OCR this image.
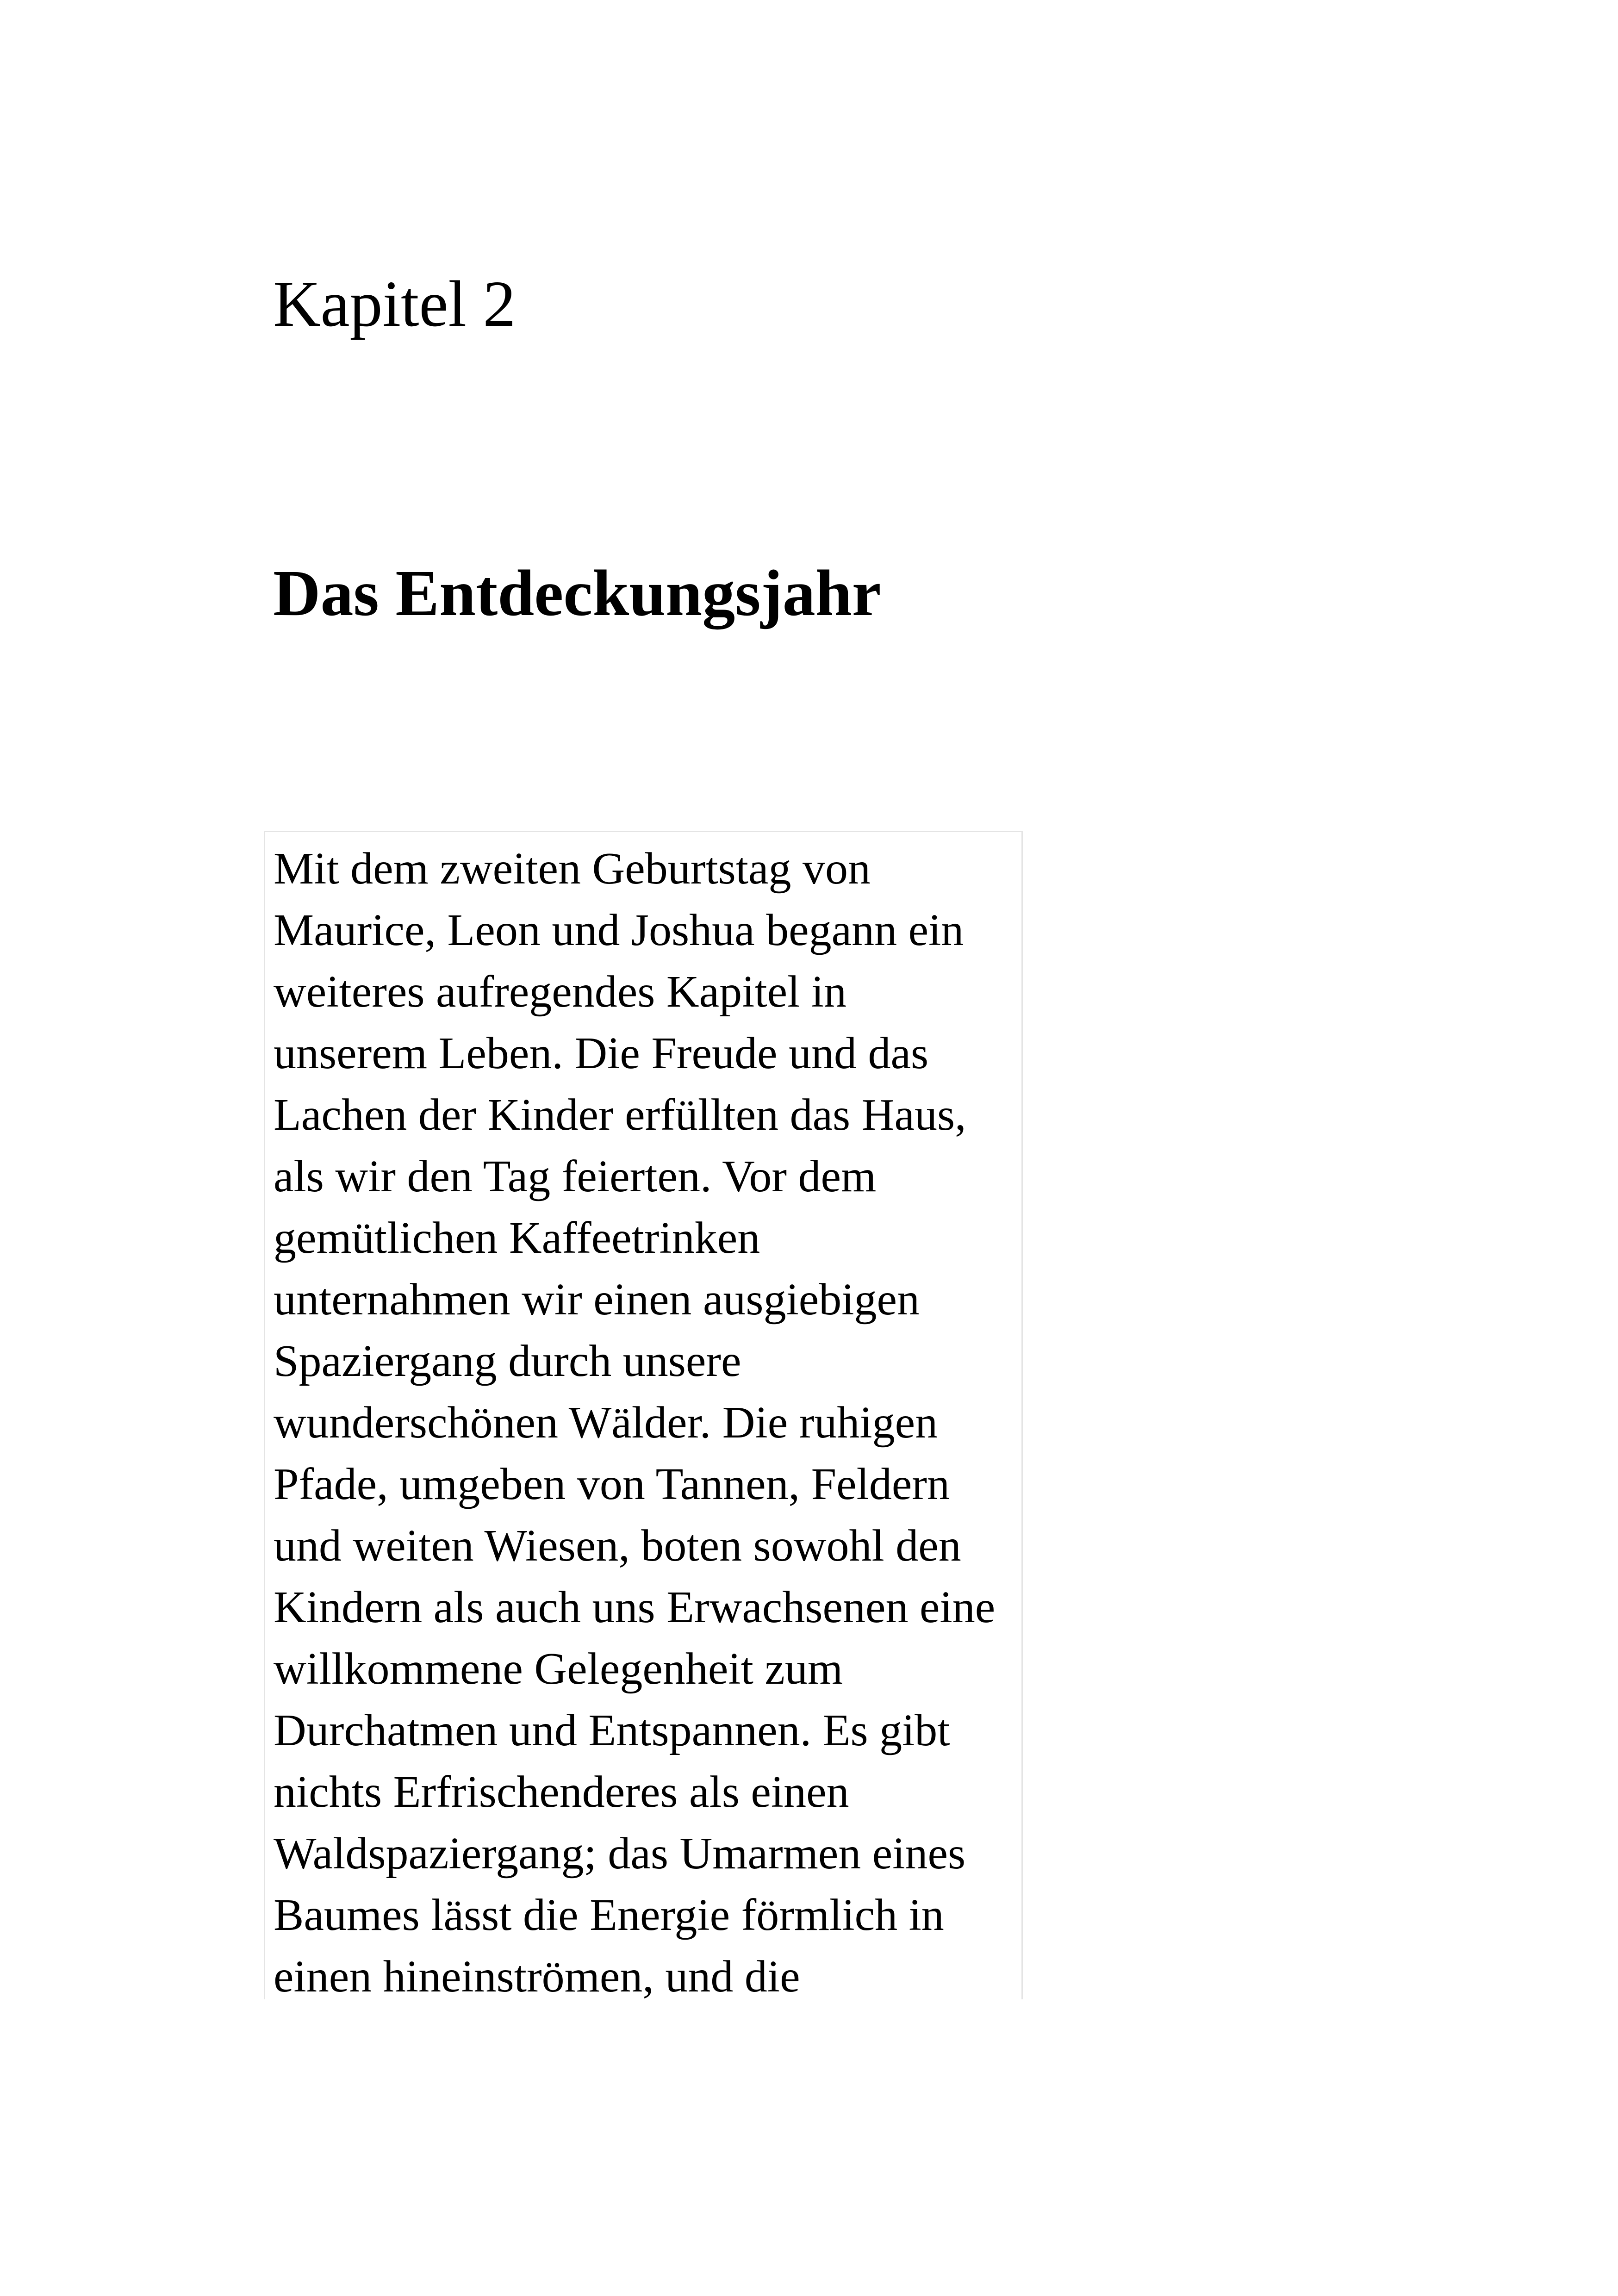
Kapitel 2
Das Entdeckungsjahr
Mit dem zweiten Geburtstag von
Maurice, Leon und Joshua begann ein
weiteres aufregendes Kapitel in
unserem Leben. Die Freude und das
Lachen der Kinder erfüllten das Haus,
als wir den Tag feierten. Vor dem
gemütlichen Kaffeetrinken
unternahmen wir einen ausgiebigen
Spaziergang durch unsere
wunderschönen Wälder. Die ruhigen
Pfade, umgeben von Tannen, Feldern
und weiten Wiesen, boten sowohl den
Kindern als auch uns Erwachsenen eine
willkommene Gelegenheit zum
Durchatmen und Entspannen. Es gibt
nichts Erfrischenderes als einen
Waldspaziergang; das Umarmen eines
Baumes lässt die Energie förmlich in
einen hineinströmen, und die
